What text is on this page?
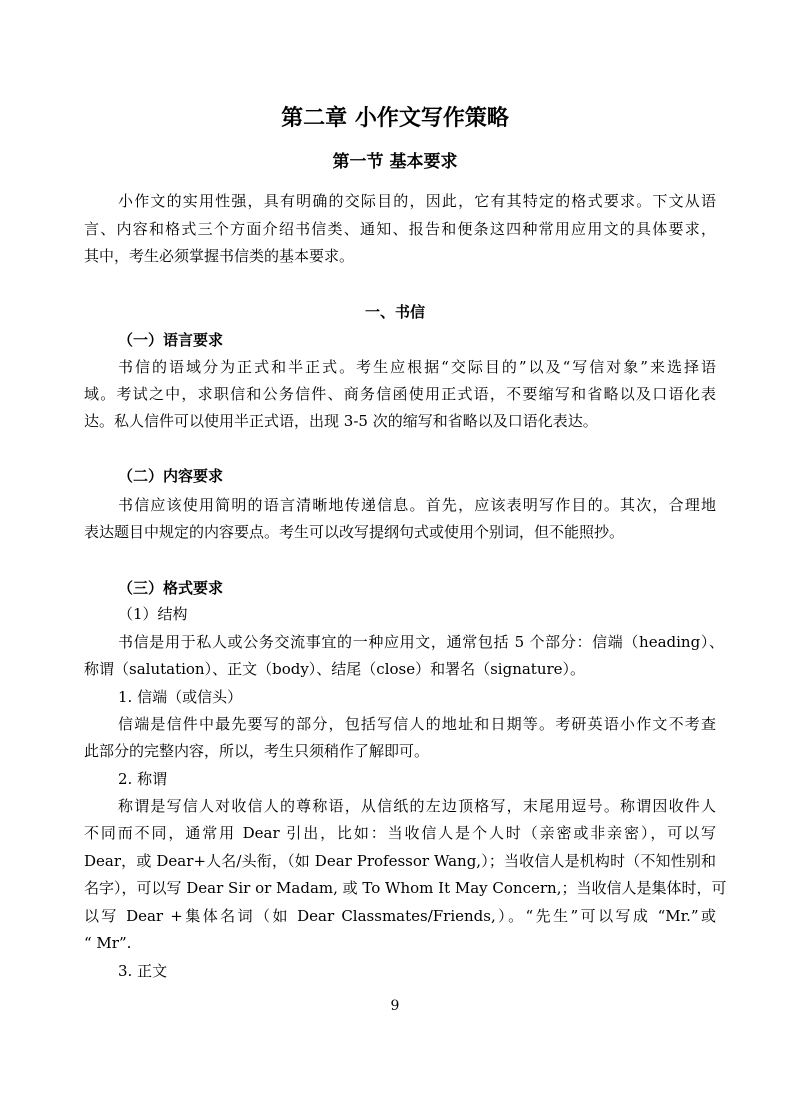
第二章 小作文写作策略
第一节 基本要求
小作文的实用性强，具有明确的交际目的，因此，它有其特定的格式要求。下文从语
言、内容和格式三个方面介绍书信类、通知、报告和便条这四种常用应用文的具体要求，
其中，考生必须掌握书信类的基本要求。
一、书信
（一）语言要求
书信的语域分为正式和半正式。考生应根据“交际目的”以及“写信对象”来选择语
域。考试之中，求职信和公务信件、商务信函使用正式语，不要缩写和省略以及口语化表
达。私人信件可以使用半正式语，出现 3-5 次的缩写和省略以及口语化表达。
（二）内容要求
书信应该使用简明的语言清晰地传递信息。首先，应该表明写作目的。其次，合理地
表达题目中规定的内容要点。考生可以改写提纲句式或使用个别词，但不能照抄。
（三）格式要求
（1）结构
书信是用于私人或公务交流事宜的一种应用文，通常包括 5 个部分：信端（heading）、
称谓（salutation）、正文（body）、结尾（close）和署名（signature）。
1. 信端（或信头）
信端是信件中最先要写的部分，包括写信人的地址和日期等。考研英语小作文不考查
此部分的完整内容，所以，考生只须稍作了解即可。
2. 称谓
称谓是写信人对收信人的尊称语，从信纸的左边顶格写，末尾用逗号。称谓因收件人
不同而不同，通常用 Dear 引出，比如：当收信人是个人时（亲密或非亲密），可以写
Dear，或 Dear+人名/头衔，（如 Dear Professor Wang,）；当收信人是机构时（不知性别和
名字），可以写 Dear Sir or Madam, 或 To Whom It May Concern,；当收信人是集体时，可
以写 Dear +集体名词（如 Dear Classmates/Friends,）。“先生”可以写成 “Mr.”或
“ Mr”.
3. 正文
9
